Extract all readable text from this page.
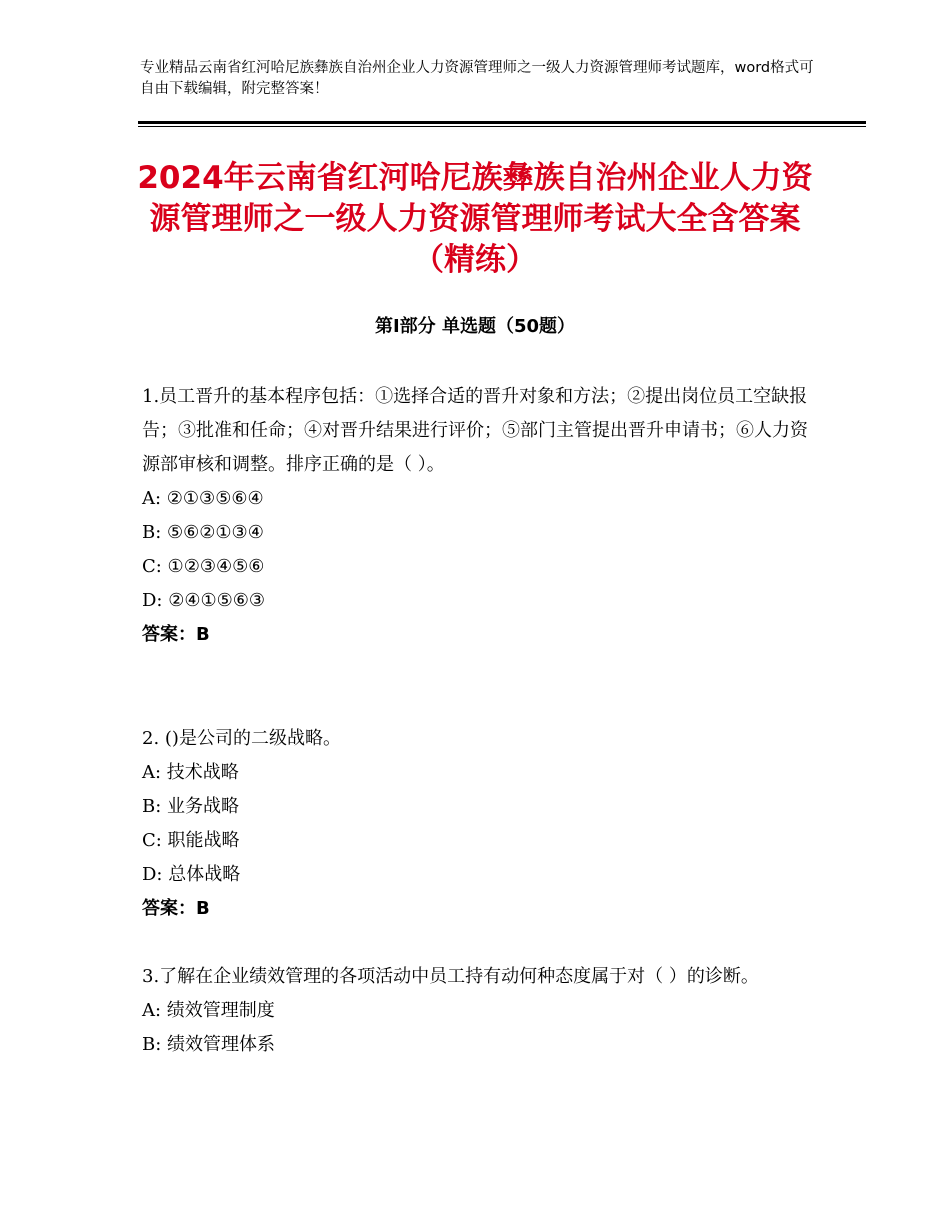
专业精品云南省红河哈尼族彝族自治州企业人力资源管理师之一级人力资源管理师考试题库，word格式可自由下载编辑，附完整答案！
2024年云南省红河哈尼族彝族自治州企业人力资源管理师之一级人力资源管理师考试大全含答案（精练）
第Ⅰ部分 单选题（50题）

1.员工晋升的基本程序包括：①选择合适的晋升对象和方法；②提出岗位员工空缺报告；③批准和任命；④对晋升结果进行评价；⑤部门主管提出晋升申请书；⑥人力资源部审核和调整。排序正确的是（ ）。

A: ②①③⑤⑥④

B: ⑤⑥②①③④

C: ①②③④⑤⑥

D: ②④①⑤⑥③

答案：B

2. ()是公司的二级战略。

A: 技术战略

B: 业务战略

C: 职能战略

D: 总体战略

答案：B

3.了解在企业绩效管理的各项活动中员工持有动何种态度属于对（ ）的诊断。

A: 绩效管理制度

B: 绩效管理体系
